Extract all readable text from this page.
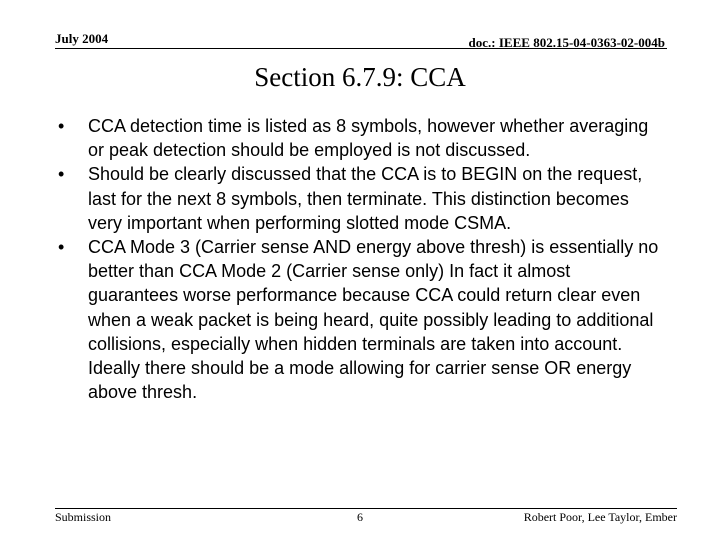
July 2004	doc.: IEEE 802.15-04-0363-02-004b
Section 6.7.9: CCA
• CCA detection time is listed as 8 symbols, however whether averaging or peak detection should be employed is not discussed.
• Should be clearly discussed that the CCA is to BEGIN on the request, last for the next 8 symbols, then terminate. This distinction becomes very important when performing slotted mode CSMA.
• CCA Mode 3 (Carrier sense AND energy above thresh) is essentially no better than CCA Mode 2 (Carrier sense only) In fact it almost guarantees worse performance because CCA could return clear even when a weak packet is being heard, quite possibly leading to additional collisions, especially when hidden terminals are taken into account. Ideally there should be a mode allowing for carrier sense OR energy above thresh.
Submission	6	Robert Poor, Lee Taylor, Ember
